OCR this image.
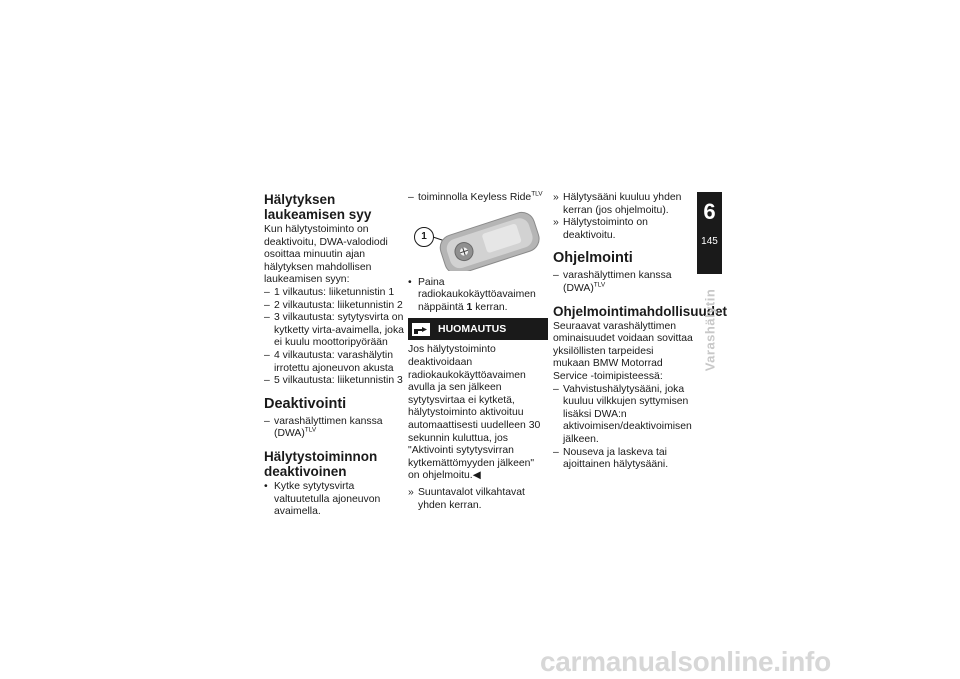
Hälytyksen laukeamisen syy

Kun hälytystoiminto on deaktivoitu, DWA-valodiodi osoittaa minuutin ajan hälytyksen mahdollisen laukeamisen syyn:

– 1 vilkautus: liiketunnistin 1
– 2 vilkautusta: liiketunnistin 2
– 3 vilkautusta: sytytysvirta on kytketty virta-avaimella, joka ei kuulu moottoripyörään
– 4 vilkautusta: varashälytin irrotettu ajoneuvon akusta
– 5 vilkautusta: liiketunnistin 3
Deaktivointi
– varashälyttimen kanssa (DWA)$^{TLV}$
Hälytystoiminnon deaktivoinen
• Kytke sytytysvirta valtuutetulla ajoneuvon avaimella.
– toiminnolla Keyless Ride$^{TLV}$
1
• Paina radiokaukokäyttöavaimen näppäintä 1 kerran.
HUOMAUTUS

Jos hälytystoiminto deaktivoidaan radiokaukokäyttöavaimen avulla ja sen jälkeen sytytysvirtaa ei kytketä, hälytystoiminto aktivoituu automaattisesti uudelleen 30 sekunnin kuluttua, jos "Aktivointi sytytysvirran kytkemättömyyden jälkeen" on ohjelmoitu.◀

» Suuntavalot vilkahtavat yhden kerran.
» Hälytysääni kuuluu yhden kerran (jos ohjelmoitu).
» Hälytystoiminto on deaktivoitu.
Ohjelmointi
– varashälyttimen kanssa (DWA)$^{TLV}$
Ohjelmointimahdollisuudet

Seuraavat varashälyttimen ominaisuudet voidaan sovittaa yksilöllisten tarpeidesi mukaan BMW Motorrad Service -toimipisteessä:

– Vahvistushälytysääni, joka kuuluu vilkkujen syttymisen lisäksi DWA:n aktivoimisen/deaktivoimisen jälkeen.
– Nouseva ja laskeva tai ajoittainen hälytysääni.
6
145
Varashälytin
carmanualsonline.info
